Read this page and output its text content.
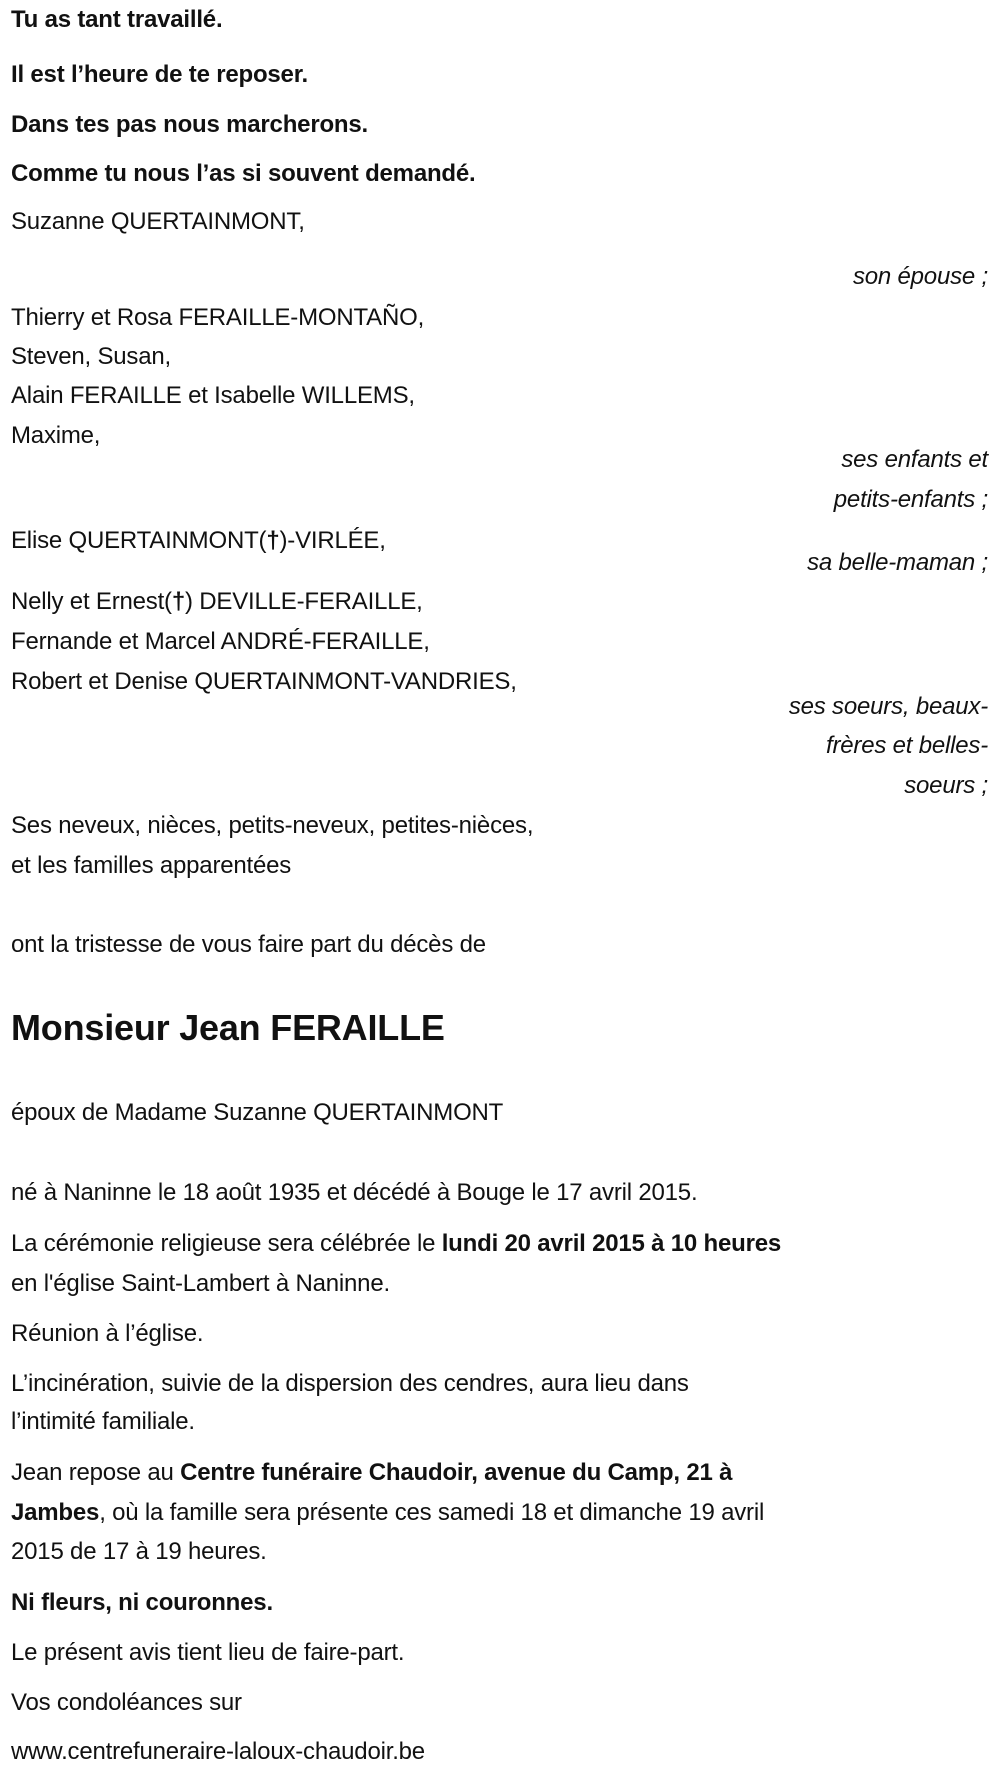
Tu as tant travaillé.
Il est l’heure de te reposer.
Dans tes pas nous marcherons.
Comme tu nous l’as si souvent demandé.
Suzanne QUERTAINMONT,
son épouse ;
Thierry et Rosa FERAILLE-MONTAÑO,
Steven, Susan,
Alain FERAILLE et Isabelle WILLEMS,
Maxime,
ses enfants et
petits-enfants ;
Elise QUERTAINMONT(†)-VIRLÉE,
sa belle-maman ;
Nelly et Ernest(†) DEVILLE-FERAILLE,
Fernande et Marcel ANDRÉ-FERAILLE,
Robert et Denise QUERTAINMONT-VANDRIES,
ses soeurs, beaux-
frères et belles-
soeurs ;
Ses neveux, nièces, petits-neveux, petites-nièces,
et les familles apparentées
ont la tristesse de vous faire part du décès de
Monsieur Jean FERAILLE
époux de Madame Suzanne QUERTAINMONT
né à Naninne le 18 août 1935 et décédé à Bouge le 17 avril 2015.
La cérémonie religieuse sera célébrée le lundi 20 avril 2015 à 10 heures
en l'église Saint-Lambert à Naninne.
Réunion à l’église.
L’incinération, suivie de la dispersion des cendres, aura lieu dans
l’intimité familiale.
Jean repose au Centre funéraire Chaudoir, avenue du Camp, 21 à
Jambes, où la famille sera présente ces samedi 18 et dimanche 19 avril
2015 de 17 à 19 heures.
Ni fleurs, ni couronnes.
Le présent avis tient lieu de faire-part.
Vos condoléances sur
www.centrefuneraire-laloux-chaudoir.be
